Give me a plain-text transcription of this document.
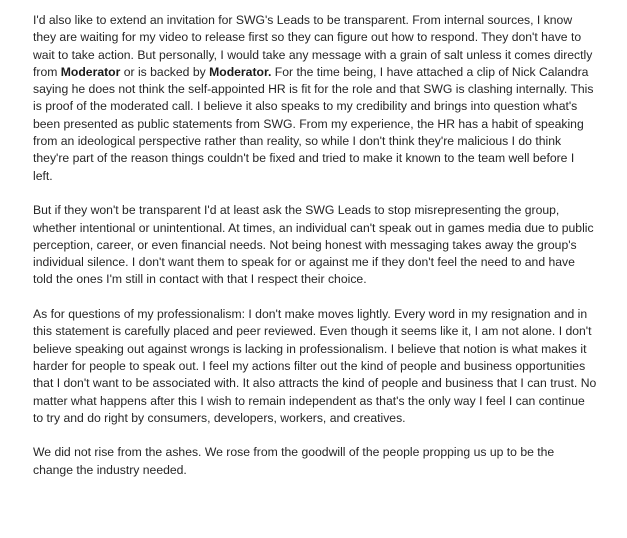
I'd also like to extend an invitation for SWG's Leads to be transparent. From internal sources, I know they are waiting for my video to release first so they can figure out how to respond. They don't have to wait to take action. But personally, I would take any message with a grain of salt unless it comes directly from Moderator or is backed by Moderator. For the time being, I have attached a clip of Nick Calandra saying he does not think the self-appointed HR is fit for the role and that SWG is clashing internally. This is proof of the moderated call. I believe it also speaks to my credibility and brings into question what's been presented as public statements from SWG. From my experience, the HR has a habit of speaking from an ideological perspective rather than reality, so while I don't think they're malicious I do think they're part of the reason things couldn't be fixed and tried to make it known to the team well before I left.

But if they won't be transparent I'd at least ask the SWG Leads to stop misrepresenting the group, whether intentional or unintentional. At times, an individual can't speak out in games media due to public perception, career, or even financial needs. Not being honest with messaging takes away the group's individual silence. I don't want them to speak for or against me if they don't feel the need to and have told the ones I'm still in contact with that I respect their choice.

As for questions of my professionalism: I don't make moves lightly. Every word in my resignation and in this statement is carefully placed and peer reviewed. Even though it seems like it, I am not alone. I don't believe speaking out against wrongs is lacking in professionalism. I believe that notion is what makes it harder for people to speak out. I feel my actions filter out the kind of people and business opportunities that I don't want to be associated with. It also attracts the kind of people and business that I can trust. No matter what happens after this I wish to remain independent as that's the only way I feel I can continue to try and do right by consumers, developers, workers, and creatives.

We did not rise from the ashes. We rose from the goodwill of the people propping us up to be the change the industry needed.
